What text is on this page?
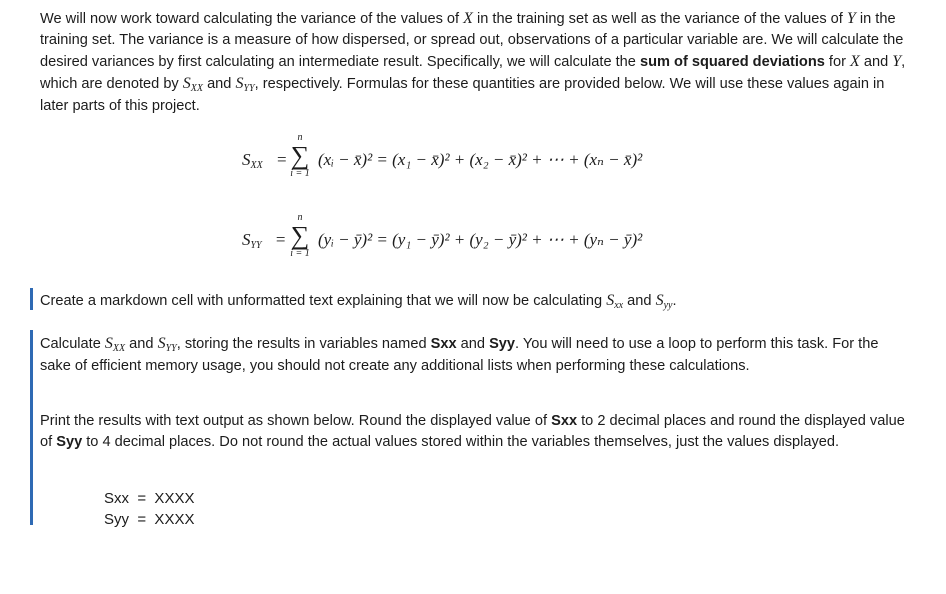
We will now work toward calculating the variance of the values of X in the training set as well as the variance of the values of Y in the training set. The variance is a measure of how dispersed, or spread out, observations of a particular variable are. We will calculate the desired variances by first calculating an intermediate result. Specifically, we will calculate the sum of squared deviations for X and Y, which are denoted by $S_{XX}$ and $S_{YY}$, respectively. Formulas for these quantities are provided below. We will use these values again in later parts of this project.

SXX =
n
∑
i = 1
(xᵢ − x̄)² = (x₁ − x̄)² + (x₂ − x̄)² + ⋯ + (xₙ − x̄)²
SYY =
n
∑
i = 1
(yᵢ − ȳ)² = (y₁ − ȳ)² + (y₂ − ȳ)² + ⋯ + (yₙ − ȳ)²

Create a markdown cell with unformatted text explaining that we will now be calculating $S_{xx}$ and $S_{yy}$.

Calculate $S_{XX}$ and $S_{YY}$, storing the results in variables named Sxx and Syy. You will need to use a loop to perform this task. For the sake of efficient memory usage, you should not create any additional lists when performing these calculations.

Print the results with text output as shown below. Round the displayed value of Sxx to 2 decimal places and round the displayed value of Syy to 4 decimal places. Do not round the actual values stored within the variables themselves, just the values displayed.

Sxx  =  XXXX
Syy  =  XXXX
